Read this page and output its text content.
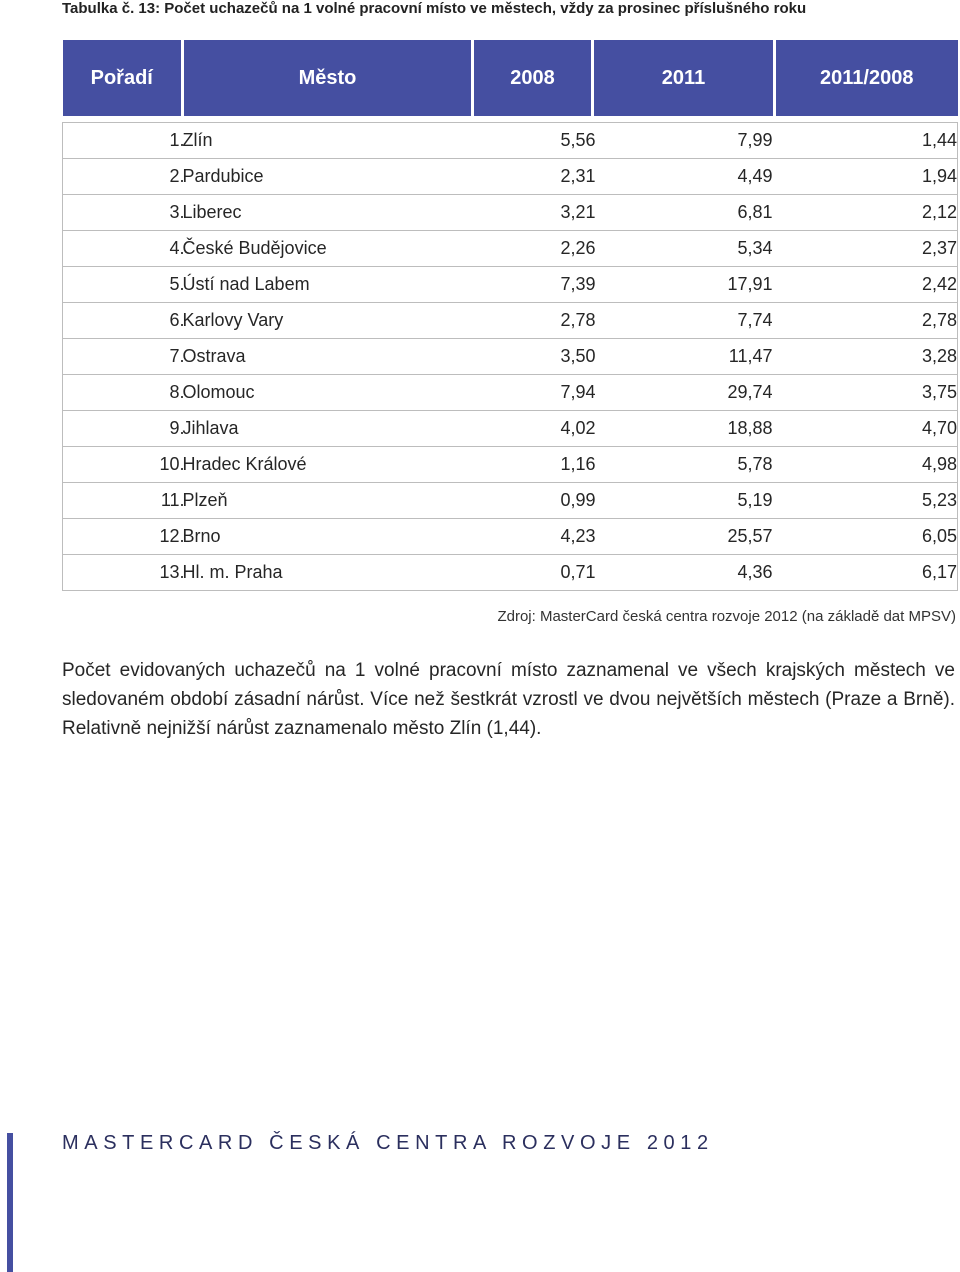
Tabulka č. 13: Počet uchazečů na 1 volné pracovní místo ve městech, vždy za prosinec příslušného roku
Pořadí	Město	2008	2011	2011/2008

1.	Zlín	5,56	7,99	1,44
2.	Pardubice	2,31	4,49	1,94
3.	Liberec	3,21	6,81	2,12
4.	České Budějovice	2,26	5,34	2,37
5.	Ústí nad Labem	7,39	17,91	2,42
6.	Karlovy Vary	2,78	7,74	2,78
7.	Ostrava	3,50	11,47	3,28
8.	Olomouc	7,94	29,74	3,75
9.	Jihlava	4,02	18,88	4,70
10.	Hradec Králové	1,16	5,78	4,98
11.	Plzeň	0,99	5,19	5,23
12.	Brno	4,23	25,57	6,05
13.	Hl. m. Praha	0,71	4,36	6,17
Zdroj: MasterCard česká centra rozvoje 2012 (na základě dat MPSV)

Počet evidovaných uchazečů na 1 volné pracovní místo zaznamenal ve všech krajských městech ve sledovaném období zásadní nárůst. Více než šestkrát vzrostl ve dvou největších městech (Praze a Brně). Relativně nejnižší nárůst zaznamenalo město Zlín (1,44).

MASTERCARD ČESKÁ CENTRA ROZVOJE 2012
